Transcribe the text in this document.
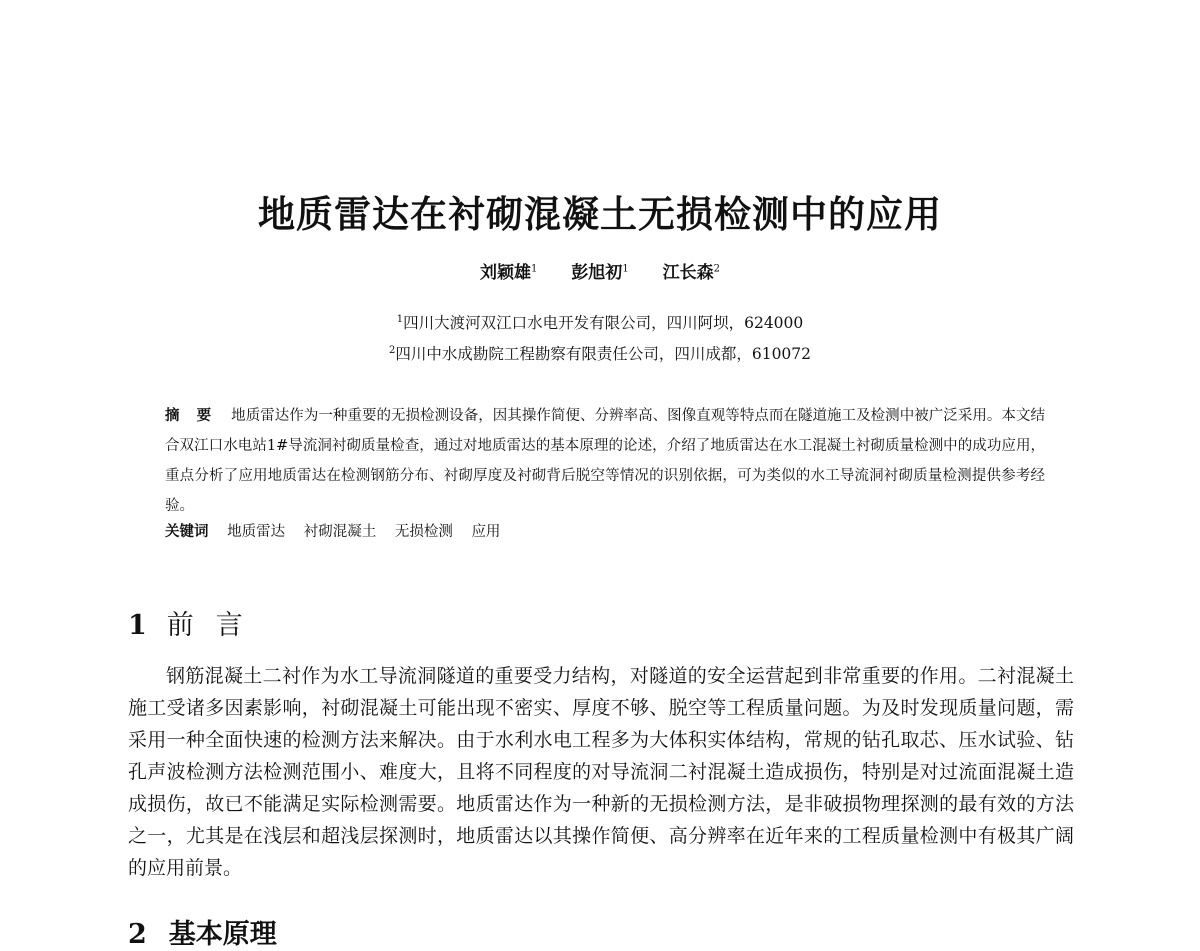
地质雷达在衬砌混凝土无损检测中的应用
刘颖雄$^1$ 彭旭初$^1$ 江长森$^2$
$^1$四川大渡河双江口水电开发有限公司，四川阿坝，624000
$^2$四川中水成勘院工程勘察有限责任公司，四川成都，610072
摘 要 地质雷达作为一种重要的无损检测设备，因其操作简便、分辨率高、图像直观等特点而在隧道施工及检测中被广泛采用。本文结合双江口水电站1#导流洞衬砌质量检查，通过对地质雷达的基本原理的论述，介绍了地质雷达在水工混凝土衬砌质量检测中的成功应用，重点分析了应用地质雷达在检测钢筋分布、衬砌厚度及衬砌背后脱空等情况的识别依据，可为类似的水工导流洞衬砌质量检测提供参考经验。
关键词 地质雷达 衬砌混凝土 无损检测 应用
1 前言

钢筋混凝土二衬作为水工导流洞隧道的重要受力结构，对隧道的安全运营起到非常重要的作用。二衬混凝土施工受诸多因素影响，衬砌混凝土可能出现不密实、厚度不够、脱空等工程质量问题。为及时发现质量问题，需采用一种全面快速的检测方法来解决。由于水利水电工程多为大体积实体结构，常规的钻孔取芯、压水试验、钻孔声波检测方法检测范围小、难度大，且将不同程度的对导流洞二衬混凝土造成损伤，特别是对过流面混凝土造成损伤，故已不能满足实际检测需要。地质雷达作为一种新的无损检测方法，是非破损物理探测的最有效的方法之一，尤其是在浅层和超浅层探测时，地质雷达以其操作简便、高分辨率在近年来的工程质量检测中有极其广阔的应用前景。

2 基本原理
